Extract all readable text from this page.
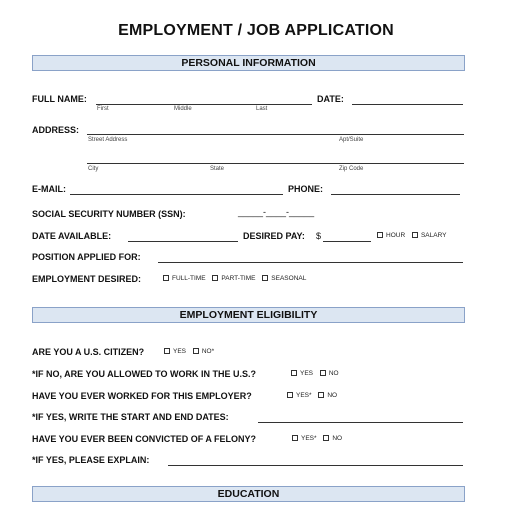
EMPLOYMENT / JOB APPLICATION
PERSONAL INFORMATION
FULL NAME:
First	Middle	Last
DATE:
ADDRESS:
Street Address	Apt/Suite
City	State	Zip Code
E-MAIL:	PHONE:
SOCIAL SECURITY NUMBER (SSN):	_____-____-_____
DATE AVAILABLE:	DESIRED PAY: $	HOUR SALARY
POSITION APPLIED FOR:
EMPLOYMENT DESIRED:	FULL-TIME PART-TIME SEASONAL
EMPLOYMENT ELIGIBILITY
ARE YOU A U.S. CITIZEN?	YES NO*
*IF NO, ARE YOU ALLOWED TO WORK IN THE U.S.?	YES NO
HAVE YOU EVER WORKED FOR THIS EMPLOYER?	YES* NO
*IF YES, WRITE THE START AND END DATES:
HAVE YOU EVER BEEN CONVICTED OF A FELONY?	YES* NO
*IF YES, PLEASE EXPLAIN:
EDUCATION
